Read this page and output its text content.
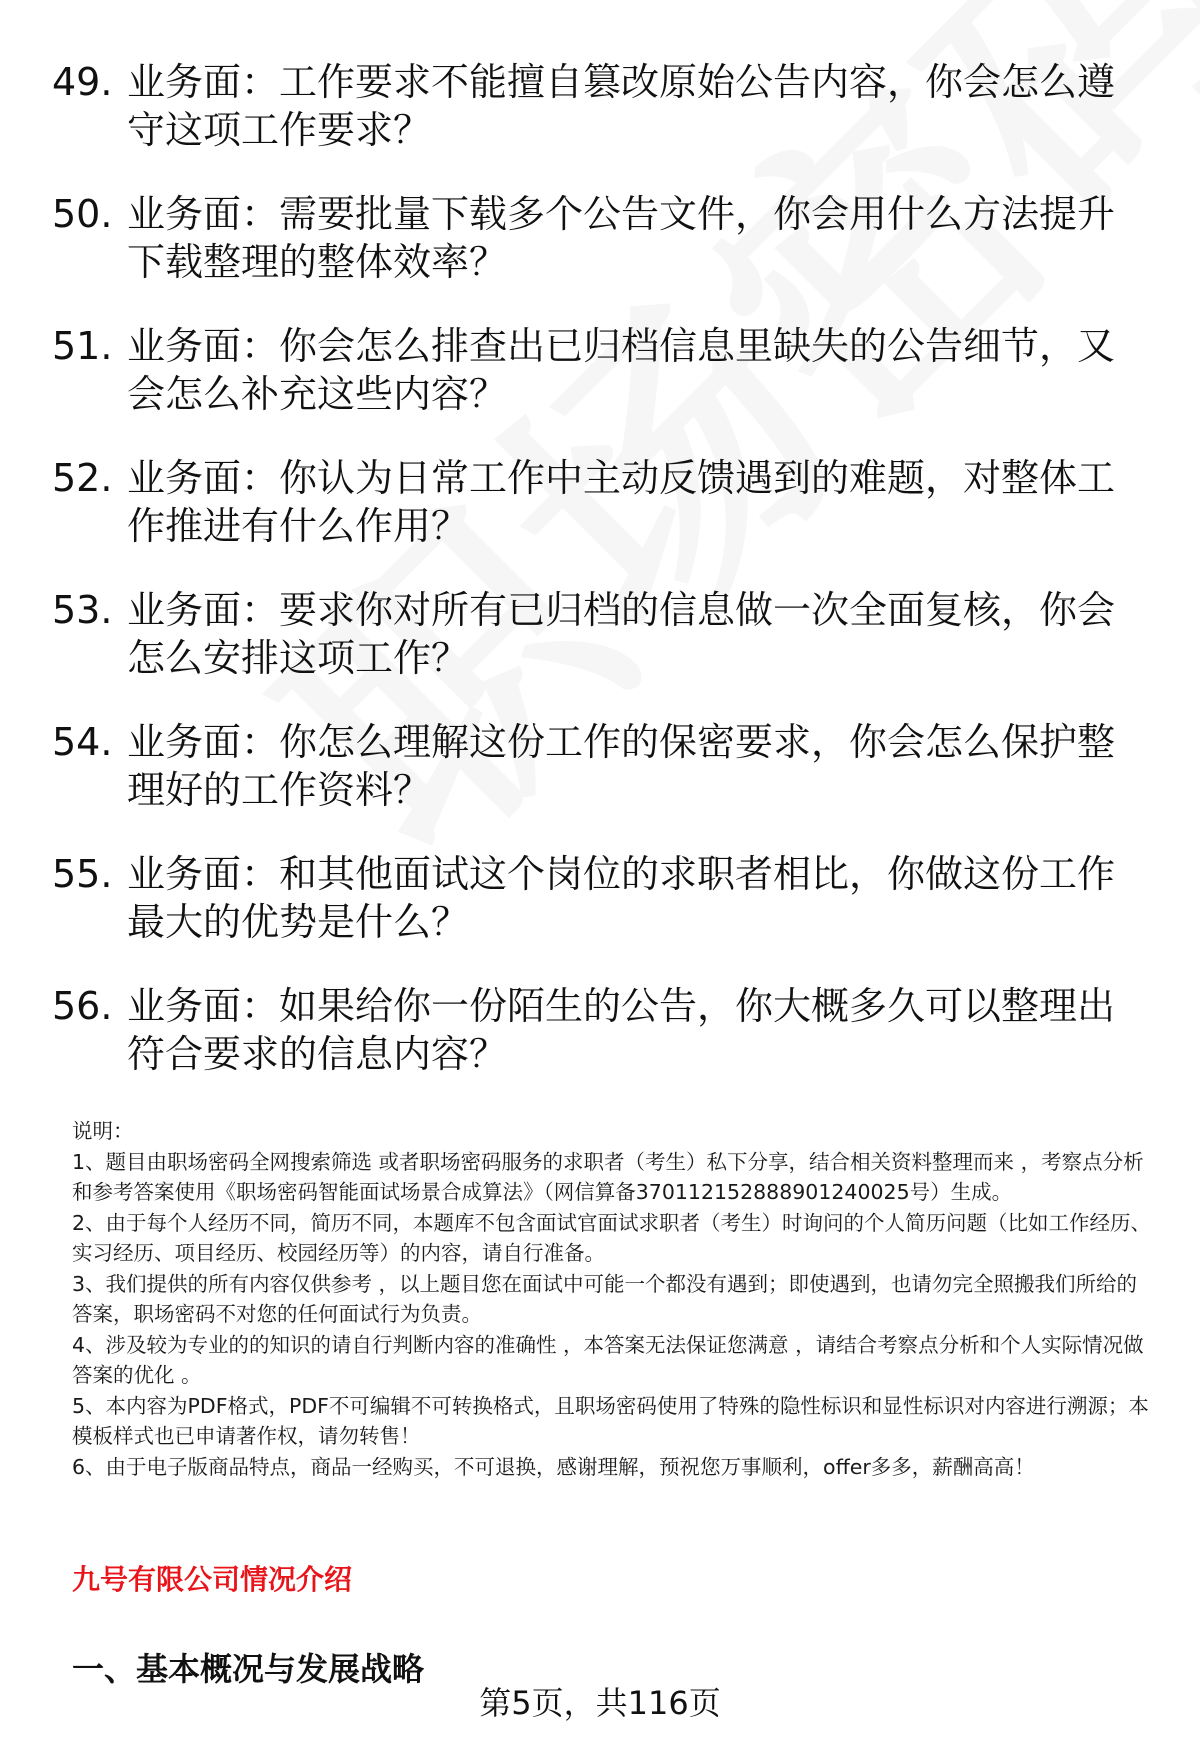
49. 业务面：工作要求不能擅自篡改原始公告内容，你会怎么遵守这项工作要求？
50. 业务面：需要批量下载多个公告文件，你会用什么方法提升下载整理的整体效率？
51. 业务面：你会怎么排查出已归档信息里缺失的公告细节，又会怎么补充这些内容？
52. 业务面：你认为日常工作中主动反馈遇到的难题，对整体工作推进有什么作用？
53. 业务面：要求你对所有已归档的信息做一次全面复核，你会怎么安排这项工作？
54. 业务面：你怎么理解这份工作的保密要求，你会怎么保护整理好的工作资料？
55. 业务面：和其他面试这个岗位的求职者相比，你做这份工作最大的优势是什么？
56. 业务面：如果给你一份陌生的公告，你大概多久可以整理出符合要求的信息内容？

说明：

1、题目由职场密码全网搜索筛选 或者职场密码服务的求职者（考生）私下分享，结合相关资料整理而来 ，考察点分析和参考答案使用《职场密码智能面试场景合成算法》（网信算备370112152888901240025号）生成。

2、由于每个人经历不同，简历不同，本题库不包含面试官面试求职者（考生）时询问的个人简历问题（比如工作经历、实习经历、项目经历、校园经历等）的内容，请自行准备。

3、我们提供的所有内容仅供参考 ，以上题目您在面试中可能一个都没有遇到；即使遇到，也请勿完全照搬我们所给的答案，职场密码不对您的任何面试行为负责。

4、涉及较为专业的的知识的请自行判断内容的准确性 ，本答案无法保证您满意 ，请结合考察点分析和个人实际情况做答案的优化 。

5、本内容为PDF格式，PDF不可编辑不可转换格式，且职场密码使用了特殊的隐性标识和显性标识对内容进行溯源；本模板样式也已申请著作权，请勿转售！

6、由于电子版商品特点，商品一经购买，不可退换，感谢理解，预祝您万事顺利，offer多多，薪酬高高！

九号有限公司情况介绍
一、基本概况与发展战略
第5页，共116页
